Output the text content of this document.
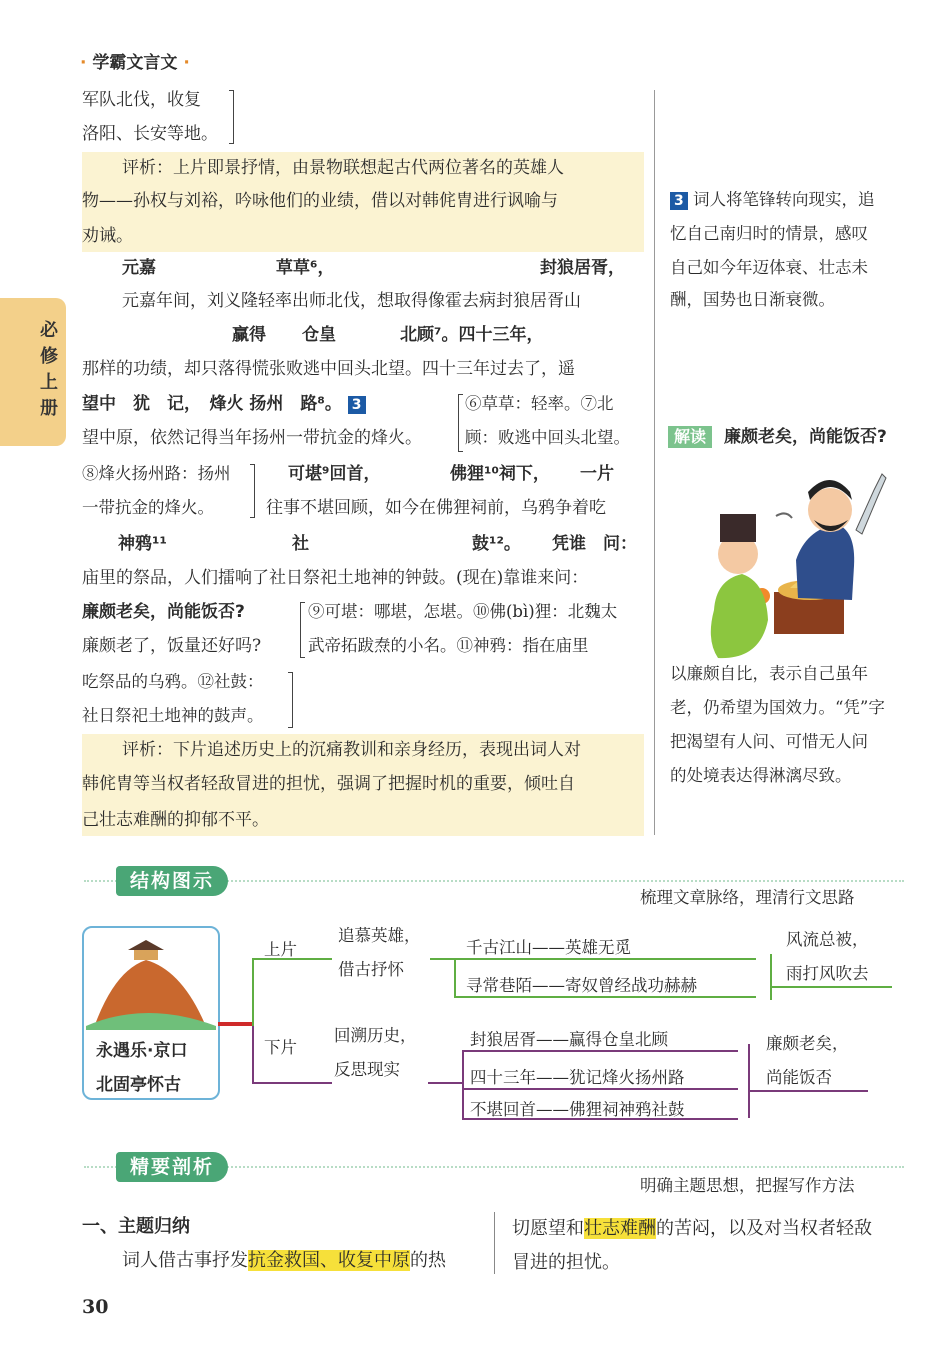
· 学霸文言文 ·
必修上册
军队北伐，收复
洛阳、长安等地。
评析：上片即景抒情，由景物联想起古代两位著名的英雄人
物——孙权与刘裕，吟咏他们的业绩，借以对韩侂胄进行讽喻与
劝诫。
元嘉	草草⁶，	封狼居胥，
元嘉年间，刘义隆轻率出师北伐，想取得像霍去病封狼居胥山
赢得	仓皇	北顾⁷。四十三年，
那样的功绩，却只落得慌张败逃中回头北望。四十三年过去了，遥
望中　犹　记，　烽火 扬州　路⁸。 3
望中原，依然记得当年扬州一带抗金的烽火。
⑥草草：轻率。⑦北
顾：败逃中回头北望。
⑧烽火扬州路：扬州
一带抗金的烽火。
可堪⁹回首，	佛狸¹⁰祠下，	一片
往事不堪回顾，如今在佛狸祠前，乌鸦争着吃
神鸦¹¹	社	鼓¹²。	凭谁　问：
庙里的祭品，人们擂响了社日祭祀土地神的钟鼓。(现在)靠谁来问：
廉颇老矣，尚能饭否?
廉颇老了，饭量还好吗?
⑨可堪：哪堪，怎堪。⑩佛(bì)狸：北魏太
武帝拓跋焘的小名。⑪神鸦：指在庙里
吃祭品的乌鸦。⑫社鼓：
社日祭祀土地神的鼓声。
评析：下片追述历史上的沉痛教训和亲身经历，表现出词人对
韩侂胄等当权者轻敌冒进的担忧，强调了把握时机的重要，倾吐自
己壮志难酬的抑郁不平。
3 词人将笔锋转向现实，追
忆自己南归时的情景，感叹
自己如今年迈体衰、壮志未
酬，国势也日渐衰微。
解读	廉颇老矣，尚能饭否?
以廉颇自比，表示自己虽年
老，仍希望为国效力。“凭”字
把渴望有人问、可惜无人问
的处境表达得淋漓尽致。
结构图示
梳理文章脉络，理清行文思路
永遇乐·京口
北固亭怀古
上片
下片
追慕英雄，
借古抒怀
千古江山——英雄无觅
寻常巷陌——寄奴曾经战功赫赫
风流总被，
雨打风吹去
回溯历史，
反思现实
封狼居胥——赢得仓皇北顾
四十三年——犹记烽火扬州路
不堪回首——佛狸祠神鸦社鼓
廉颇老矣，
尚能饭否
精要剖析
明确主题思想，把握写作方法
一、主题归纳
词人借古事抒发抗金救国、收复中原的热
切愿望和壮志难酬的苦闷，以及对当权者轻敌
冒进的担忧。
30
